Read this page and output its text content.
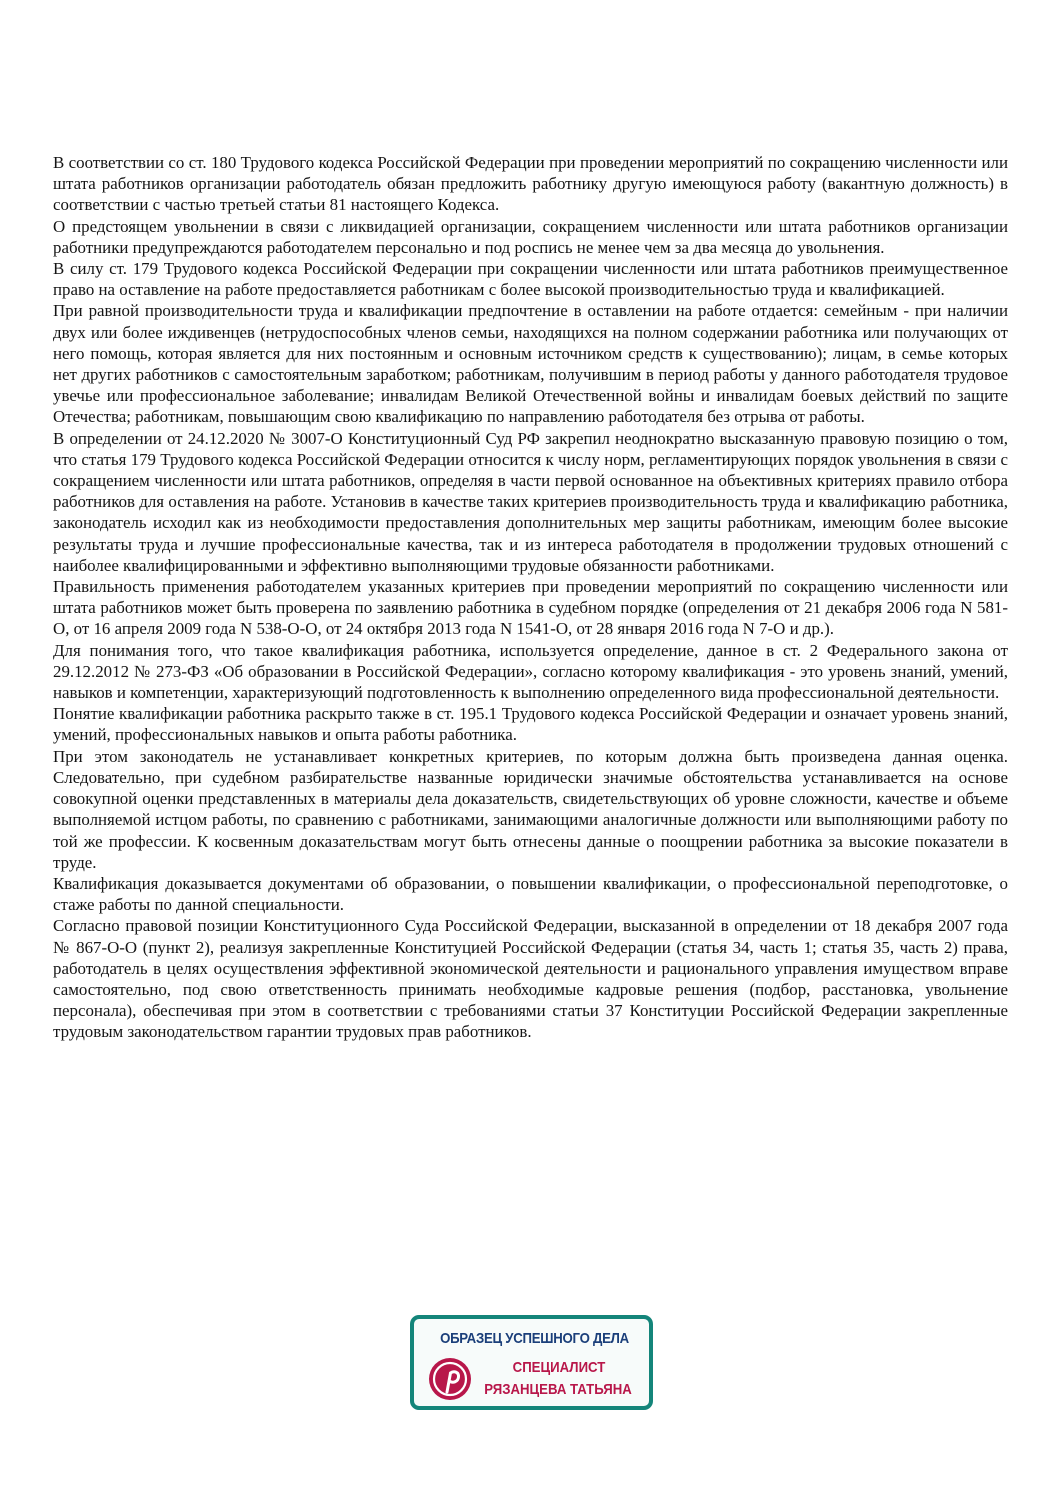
В соответствии со ст. 180 Трудового кодекса Российской Федерации при проведении мероприятий по сокращению численности или штата работников организации работодатель обязан предложить работнику другую имеющуюся работу (вакантную должность) в соответствии с частью третьей статьи 81 настоящего Кодекса.

О предстоящем увольнении в связи с ликвидацией организации, сокращением численности или штата работников организации работники предупреждаются работодателем персонально и под роспись не менее чем за два месяца до увольнения.

В силу ст. 179 Трудового кодекса Российской Федерации при сокращении численности или штата работников преимущественное право на оставление на работе предоставляется работникам с более высокой производительностью труда и квалификацией.

При равной производительности труда и квалификации предпочтение в оставлении на работе отдается: семейным - при наличии двух или более иждивенцев (нетрудоспособных членов семьи, находящихся на полном содержании работника или получающих от него помощь, которая является для них постоянным и основным источником средств к существованию); лицам, в семье которых нет других работников с самостоятельным заработком; работникам, получившим в период работы у данного работодателя трудовое увечье или профессиональное заболевание; инвалидам Великой Отечественной войны и инвалидам боевых действий по защите Отечества; работникам, повышающим свою квалификацию по направлению работодателя без отрыва от работы.

В определении от 24.12.2020 № 3007-О Конституционный Суд РФ закрепил неоднократно высказанную правовую позицию о том, что статья 179 Трудового кодекса Российской Федерации относится к числу норм, регламентирующих порядок увольнения в связи с сокращением численности или штата работников, определяя в части первой основанное на объективных критериях правило отбора работников для оставления на работе. Установив в качестве таких критериев производительность труда и квалификацию работника, законодатель исходил как из необходимости предоставления дополнительных мер защиты работникам, имеющим более высокие результаты труда и лучшие профессиональные качества, так и из интереса работодателя в продолжении трудовых отношений с наиболее квалифицированными и эффективно выполняющими трудовые обязанности работниками.

Правильность применения работодателем указанных критериев при проведении мероприятий по сокращению численности или штата работников может быть проверена по заявлению работника в судебном порядке (определения от 21 декабря 2006 года N 581-О, от 16 апреля 2009 года N 538-О-О, от 24 октября 2013 года N 1541-О, от 28 января 2016 года N 7-О и др.).

Для понимания того, что такое квалификация работника, используется определение, данное в ст. 2 Федерального закона от 29.12.2012 № 273-ФЗ «Об образовании в Российской Федерации», согласно которому квалификация - это уровень знаний, умений, навыков и компетенции, характеризующий подготовленность к выполнению определенного вида профессиональной деятельности.

Понятие квалификации работника раскрыто также в ст. 195.1 Трудового кодекса Российской Федерации и означает уровень знаний, умений, профессиональных навыков и опыта работы работника.

При этом законодатель не устанавливает конкретных критериев, по которым должна быть произведена данная оценка. Следовательно, при судебном разбирательстве названные юридически значимые обстоятельства устанавливается на основе совокупной оценки представленных в материалы дела доказательств, свидетельствующих об уровне сложности, качестве и объеме выполняемой истцом работы, по сравнению с работниками, занимающими аналогичные должности или выполняющими работу по той же профессии. К косвенным доказательствам могут быть отнесены данные о поощрении работника за высокие показатели в труде.

Квалификация доказывается документами об образовании, о повышении квалификации, о профессиональной переподготовке, о стаже работы по данной специальности.

Согласно правовой позиции Конституционного Суда Российской Федерации, высказанной в определении от 18 декабря 2007 года № 867-О-О (пункт 2), реализуя закрепленные Конституцией Российской Федерации (статья 34, часть 1; статья 35, часть 2) права, работодатель в целях осуществления эффективной экономической деятельности и рационального управления имуществом вправе самостоятельно, под свою ответственность принимать необходимые кадровые решения (подбор, расстановка, увольнение персонала), обеспечивая при этом в соответствии с требованиями статьи 37 Конституции Российской Федерации закрепленные трудовым законодательством гарантии трудовых прав работников.

ОБРАЗЕЦ УСПЕШНОГО ДЕЛА
СПЕЦИАЛИСТ
РЯЗАНЦЕВА ТАТЬЯНА
